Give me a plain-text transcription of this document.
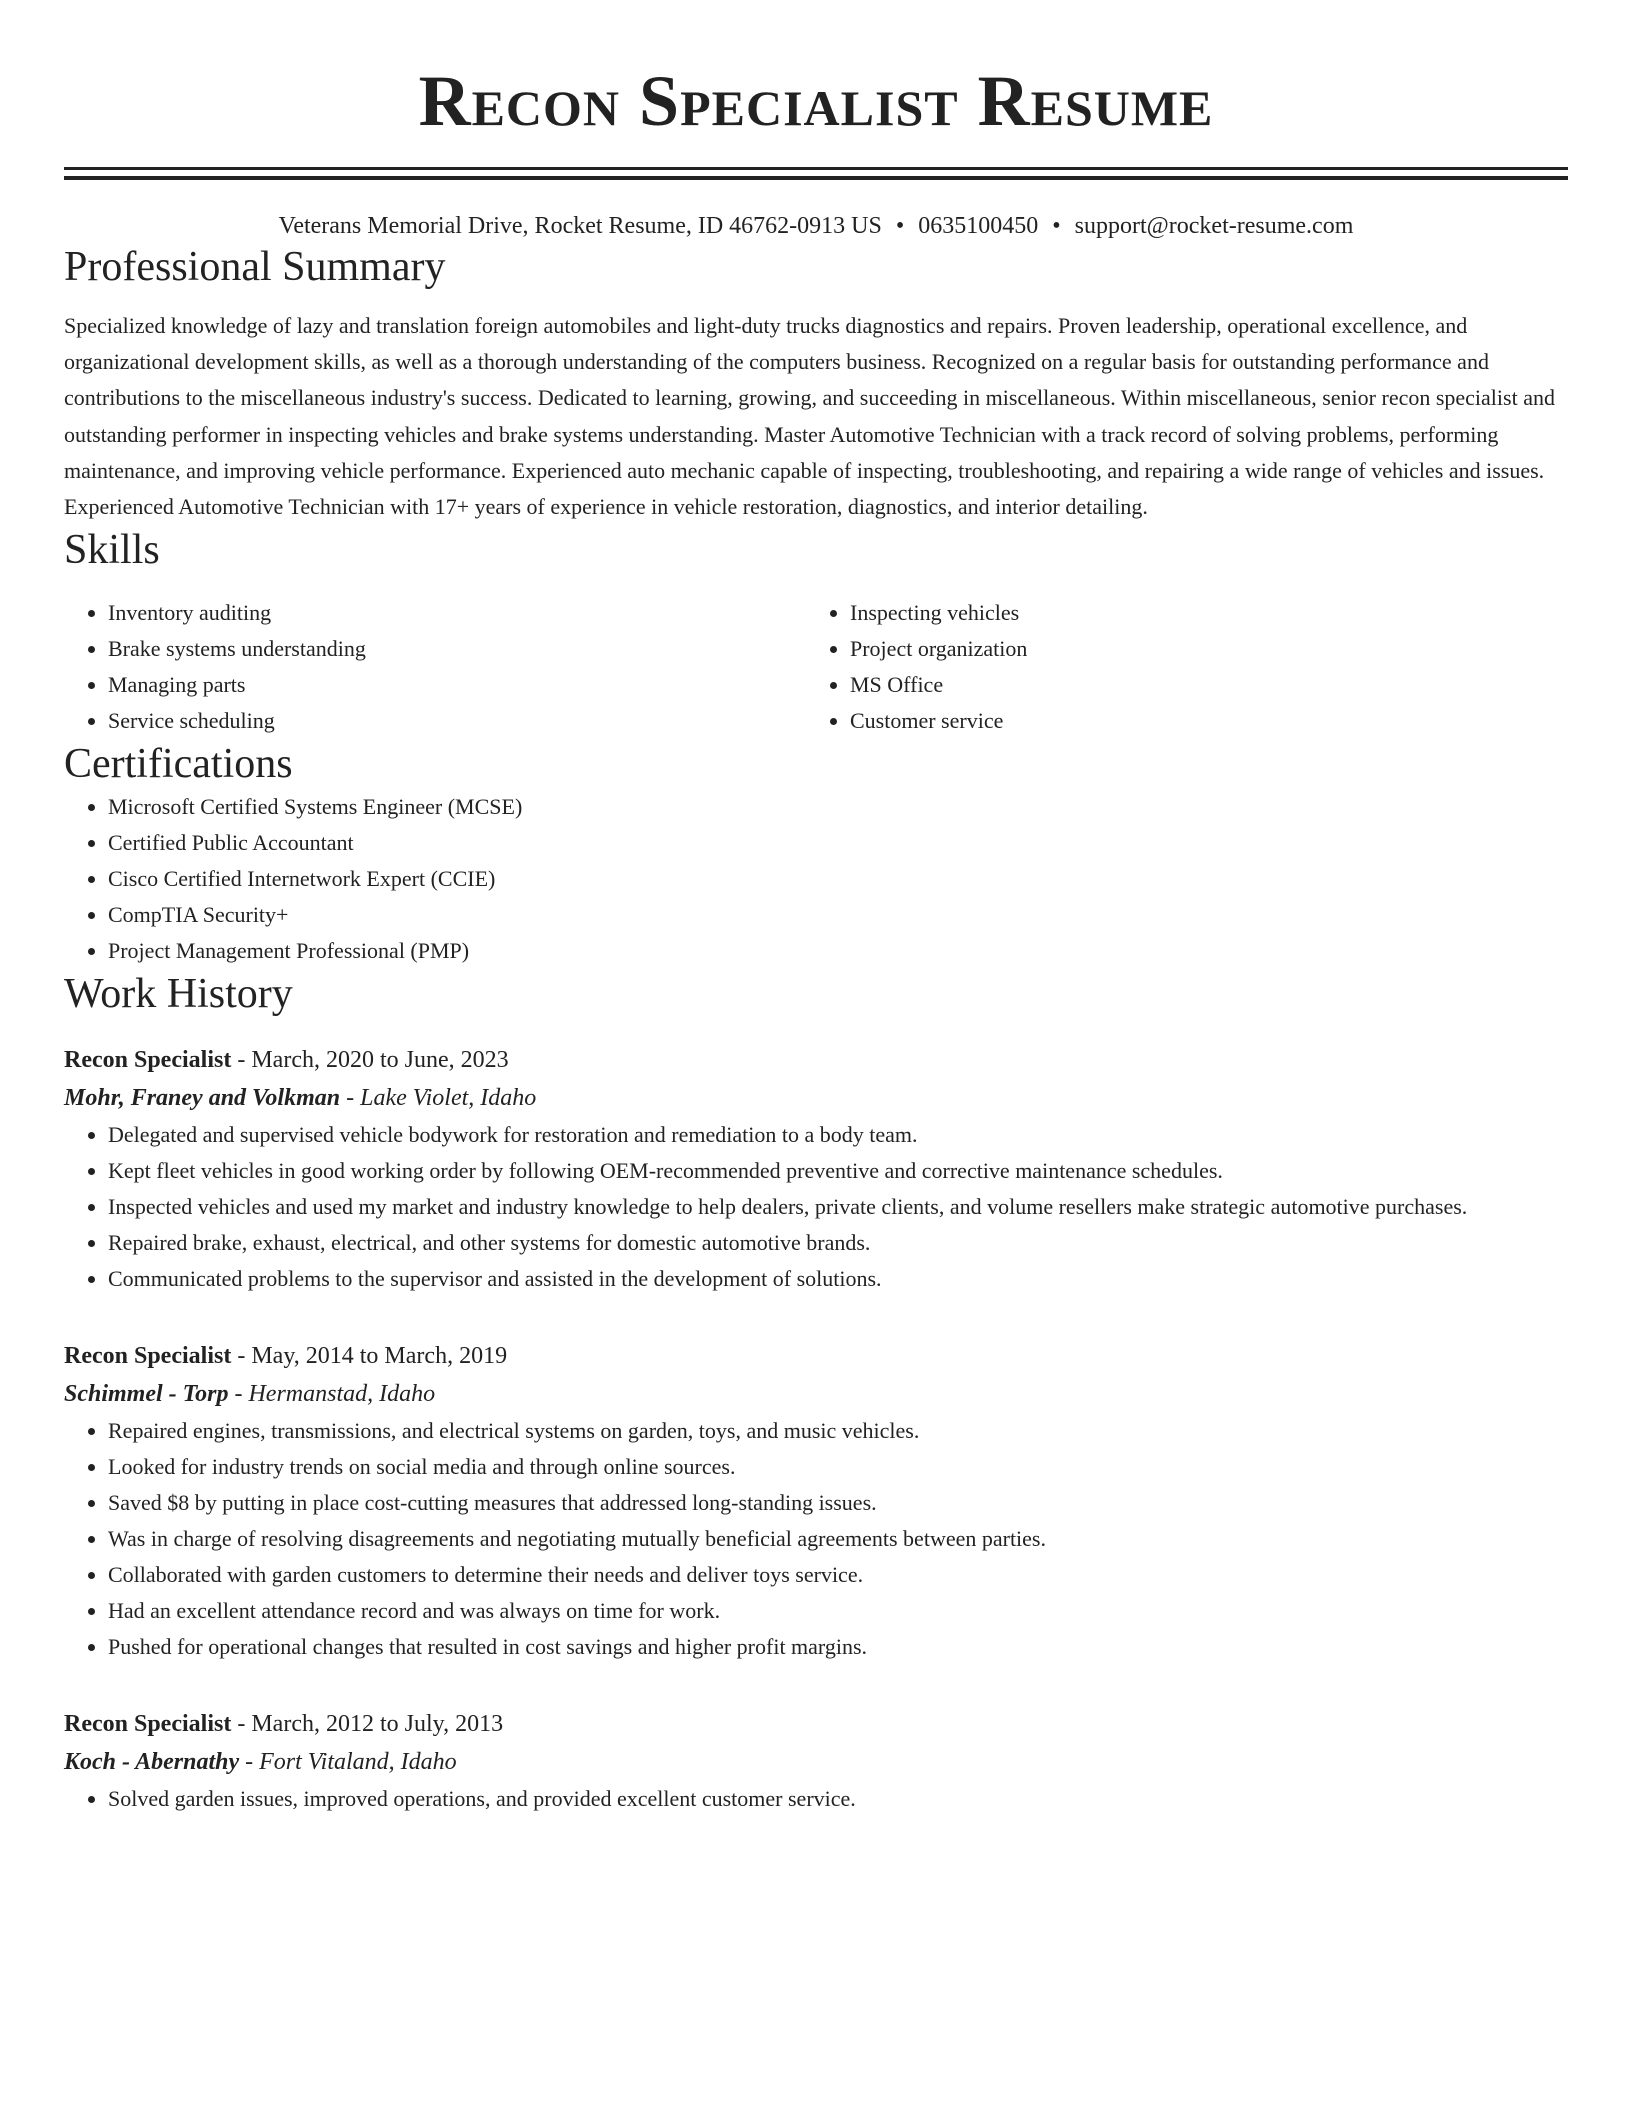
Recon Specialist Resume
Veterans Memorial Drive, Rocket Resume, ID 46762-0913 US • 0635100450 • support@rocket-resume.com
Professional Summary

Specialized knowledge of lazy and translation foreign automobiles and light-duty trucks diagnostics and repairs. Proven leadership, operational excellence, and organizational development skills, as well as a thorough understanding of the computers business. Recognized on a regular basis for outstanding performance and contributions to the miscellaneous industry's success. Dedicated to learning, growing, and succeeding in miscellaneous. Within miscellaneous, senior recon specialist and outstanding performer in inspecting vehicles and brake systems understanding. Master Automotive Technician with a track record of solving problems, performing maintenance, and improving vehicle performance. Experienced auto mechanic capable of inspecting, troubleshooting, and repairing a wide range of vehicles and issues. Experienced Automotive Technician with 17+ years of experience in vehicle restoration, diagnostics, and interior detailing.

Skills
• Inventory auditing
• Brake systems understanding
• Managing parts
• Service scheduling
• Inspecting vehicles
• Project organization
• MS Office
• Customer service
Certifications
• Microsoft Certified Systems Engineer (MCSE)
• Certified Public Accountant
• Cisco Certified Internetwork Expert (CCIE)
• CompTIA Security+
• Project Management Professional (PMP)
Work History
Recon Specialist - March, 2020 to June, 2023
Mohr, Franey and Volkman - Lake Violet, Idaho
• Delegated and supervised vehicle bodywork for restoration and remediation to a body team.
• Kept fleet vehicles in good working order by following OEM-recommended preventive and corrective maintenance schedules.
• Inspected vehicles and used my market and industry knowledge to help dealers, private clients, and volume resellers make strategic automotive purchases.
• Repaired brake, exhaust, electrical, and other systems for domestic automotive brands.
• Communicated problems to the supervisor and assisted in the development of solutions.
Recon Specialist - May, 2014 to March, 2019
Schimmel - Torp - Hermanstad, Idaho
• Repaired engines, transmissions, and electrical systems on garden, toys, and music vehicles.
• Looked for industry trends on social media and through online sources.
• Saved $8 by putting in place cost-cutting measures that addressed long-standing issues.
• Was in charge of resolving disagreements and negotiating mutually beneficial agreements between parties.
• Collaborated with garden customers to determine their needs and deliver toys service.
• Had an excellent attendance record and was always on time for work.
• Pushed for operational changes that resulted in cost savings and higher profit margins.
Recon Specialist - March, 2012 to July, 2013
Koch - Abernathy - Fort Vitaland, Idaho
• Solved garden issues, improved operations, and provided excellent customer service.
